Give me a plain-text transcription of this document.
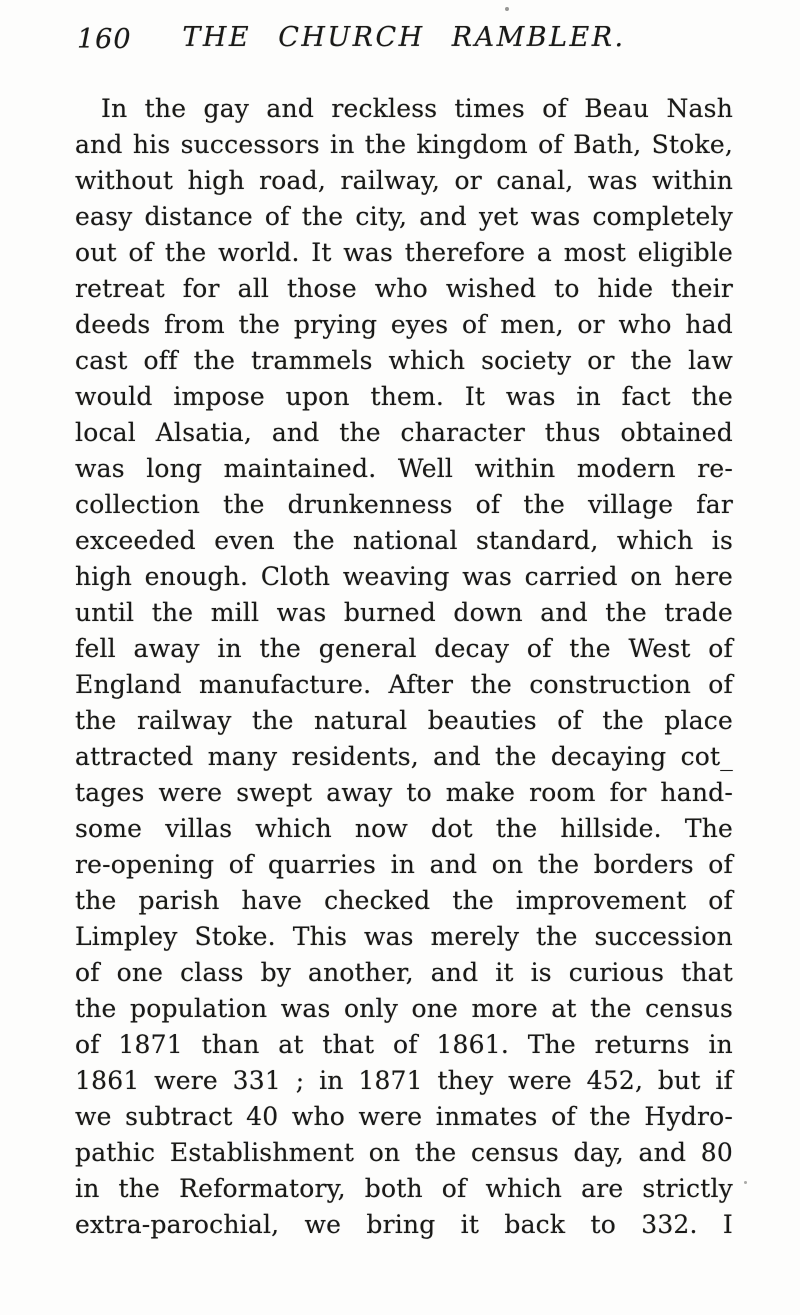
160	THE CHURCH RAMBLER.
In the gay and reckless times of Beau Nash
and his successors in the kingdom of Bath, Stoke,
without high road, railway, or canal, was within
easy distance of the city, and yet was completely
out of the world. It was therefore a most eligible
retreat for all those who wished to hide their
deeds from the prying eyes of men, or who had
cast off the trammels which society or the law
would impose upon them. It was in fact the
local Alsatia, and the character thus obtained
was long maintained. Well within modern re-
collection the drunkenness of the village far
exceeded even the national standard, which is
high enough. Cloth weaving was carried on here
until the mill was burned down and the trade
fell away in the general decay of the West of
England manufacture. After the construction of
the railway the natural beauties of the place
attracted many residents, and the decaying cot_
tages were swept away to make room for hand-
some villas which now dot the hillside. The
re-opening of quarries in and on the borders of
the parish have checked the improvement of
Limpley Stoke. This was merely the succession
of one class by another, and it is curious that
the population was only one more at the census
of 1871 than at that of 1861. The returns in
1861 were 331 ; in 1871 they were 452, but if
we subtract 40 who were inmates of the Hydro-
pathic Establishment on the census day, and 80
in the Reformatory, both of which are strictly
extra-parochial, we bring it back to 332. I
